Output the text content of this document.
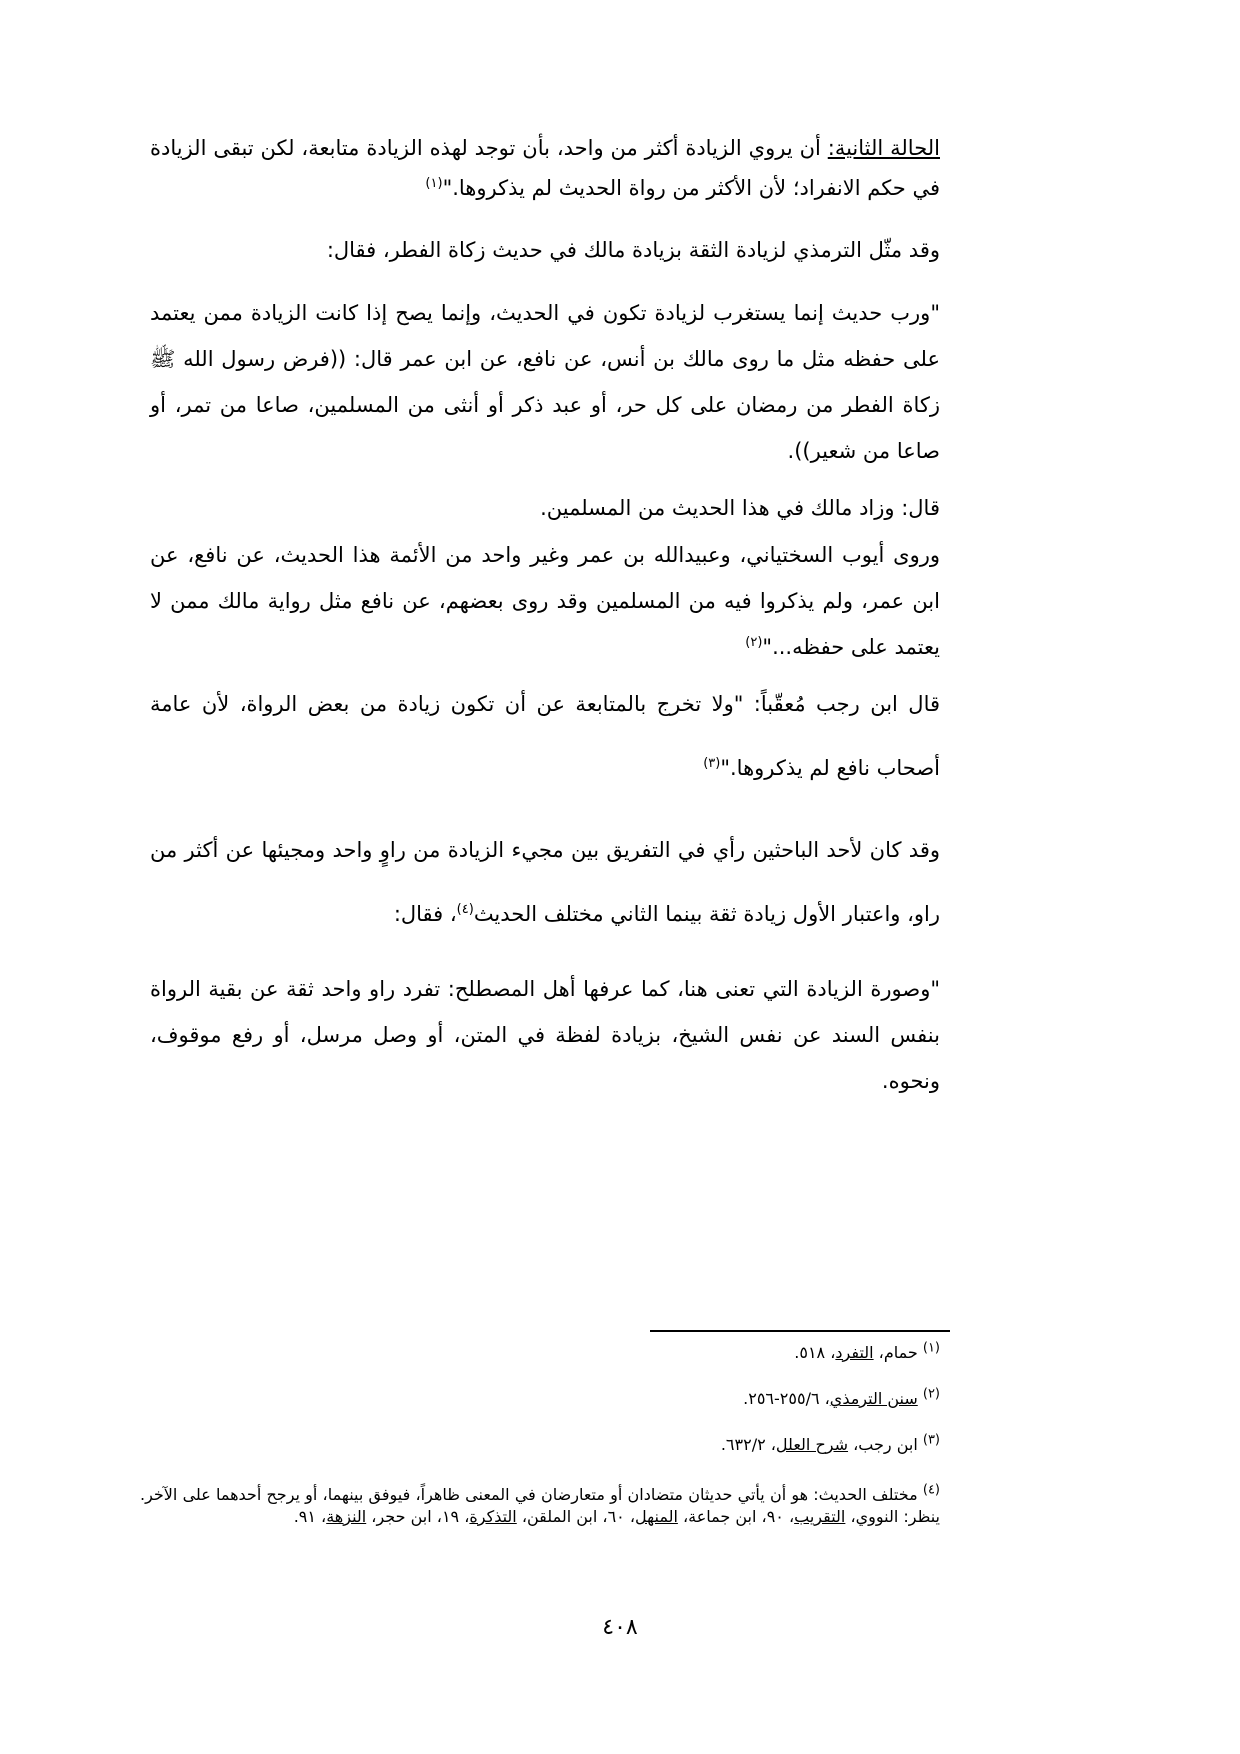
الحالة الثانية: أن يروي الزيادة أكثر من واحد، بأن توجد لهذه الزيادة متابعة، لكن تبقى الزيادة في حكم الانفراد؛ لأن الأكثر من رواة الحديث لم يذكروها."$^{(١)}$

وقد مثّل الترمذي لزيادة الثقة بزيادة مالك في حديث زكاة الفطر، فقال:

"ورب حديث إنما يستغرب لزيادة تكون في الحديث، وإنما يصح إذا كانت الزيادة ممن يعتمد على حفظه مثل ما روى مالك بن أنس، عن نافع، عن ابن عمر قال: ((فرض رسول الله ﷺ زكاة الفطر من رمضان على كل حر، أو عبد ذكر أو أنثى من المسلمين، صاعا من تمر، أو صاعا من شعير)).

قال: وزاد مالك في هذا الحديث من المسلمين.

وروى أيوب السختياني، وعبيدالله بن عمر وغير واحد من الأئمة هذا الحديث، عن نافع، عن ابن عمر، ولم يذكروا فيه من المسلمين وقد روى بعضهم، عن نافع مثل رواية مالك ممن لا يعتمد على حفظه..."$^{(٢)}$

قال ابن رجب مُعقّباً: "ولا تخرج بالمتابعة عن أن تكون زيادة من بعض الرواة، لأن عامة أصحاب نافع لم يذكروها."$^{(٣)}$

وقد كان لأحد الباحثين رأي في التفريق بين مجيء الزيادة من راوٍ واحد ومجيئها عن أكثر من راو، واعتبار الأول زيادة ثقة بينما الثاني مختلف الحديث$^{(٤)}$، فقال:

"وصورة الزيادة التي تعنى هنا، كما عرفها أهل المصطلح: تفرد راو واحد ثقة عن بقية الرواة بنفس السند عن نفس الشيخ، بزيادة لفظة في المتن، أو وصل مرسل، أو رفع موقوف، ونحوه.

$^{(١)}$ حمام، التفرد، ٥١٨.

$^{(٢)}$ سنن الترمذي، ٢٥٥/٦-٢٥٦.

$^{(٣)}$ ابن رجب، شرح العلل، ٦٣٢/٢.

$^{(٤)}$ مختلف الحديث: هو أن يأتي حديثان متضادان أو متعارضان في المعنى ظاهراً، فيوفق بينهما، أو يرجح أحدهما على الآخر. ينظر: النووي، التقريب، ٩٠، ابن جماعة، المنهل، ٦٠، ابن الملقن، التذكرة، ١٩، ابن حجر، النزهة، ٩١.

٤٠٨
